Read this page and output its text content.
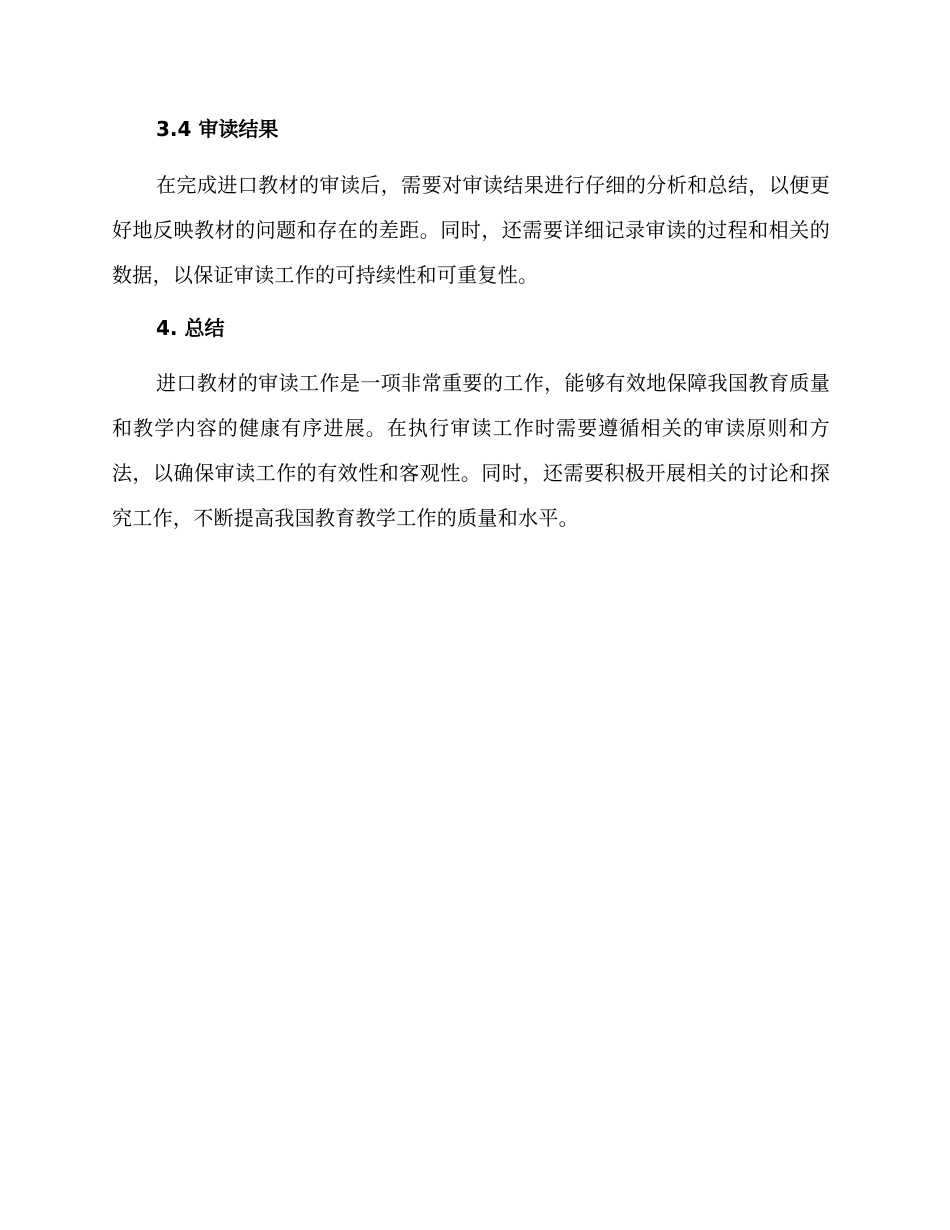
3.4 审读结果

在完成进口教材的审读后，需要对审读结果进行仔细的分析和总结，以便更好地反映教材的问题和存在的差距。同时，还需要详细记录审读的过程和相关的数据，以保证审读工作的可持续性和可重复性。

4. 总结

进口教材的审读工作是一项非常重要的工作，能够有效地保障我国教育质量和教学内容的健康有序进展。在执行审读工作时需要遵循相关的审读原则和方法，以确保审读工作的有效性和客观性。同时，还需要积极开展相关的讨论和探究工作，不断提高我国教育教学工作的质量和水平。
